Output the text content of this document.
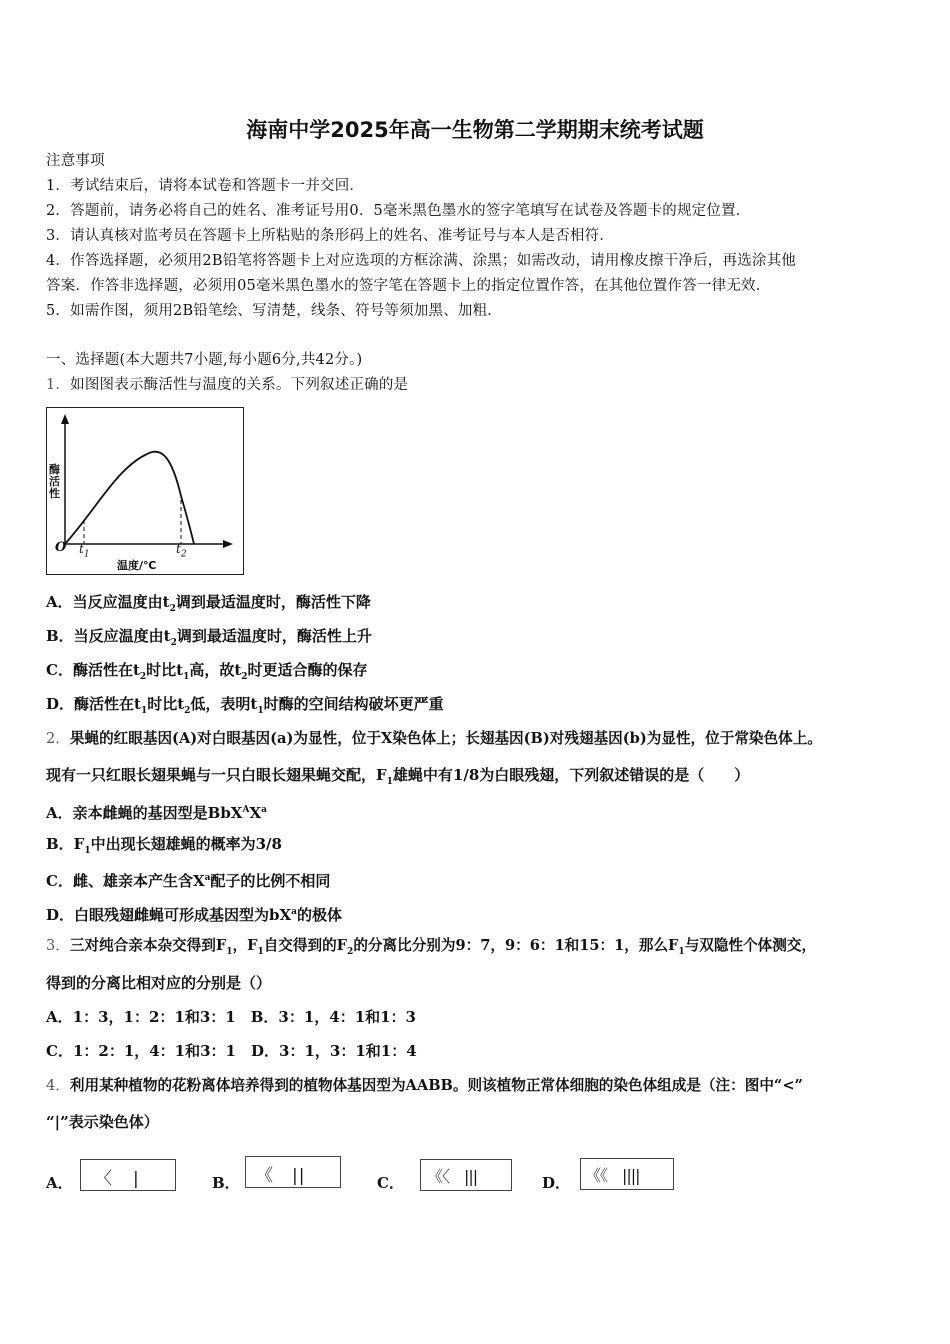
海南中学2025年高一生物第二学期期末统考试题
注意事项
1．考试结束后，请将本试卷和答题卡一并交回．
2．答题前，请务必将自己的姓名、准考证号用0．5毫米黑色墨水的签字笔填写在试卷及答题卡的规定位置．
3．请认真核对监考员在答题卡上所粘贴的条形码上的姓名、准考证号与本人是否相符．
4．作答选择题，必须用2B铅笔将答题卡上对应选项的方框涂满、涂黑；如需改动，请用橡皮擦干净后，再选涂其他
答案．作答非选择题，必须用05毫米黑色墨水的签字笔在答题卡上的指定位置作答，在其他位置作答一律无效．
5．如需作图，须用2B铅笔绘、写清楚，线条、符号等须加黑、加粗．
一、选择题(本大题共7小题,每小题6分,共42分。)
1．如图图表示酶活性与温度的关系。下列叙述正确的是
酶活性
O $t_1$	$t_2$
温度/℃
A．当反应温度由$t_2$调到最适温度时，酶活性下降
B．当反应温度由$t_2$调到最适温度时，酶活性上升
C．酶活性在$t_2$时比$t_1$高，故$t_2$时更适合酶的保存
D．酶活性在$t_1$时比$t_2$低，表明$t_1$时酶的空间结构破坏更严重
2．果蝇的红眼基因(A)对白眼基因(a)为显性，位于X染色体上；长翅基因(B)对残翅基因(b)为显性，位于常染色体上。
现有一只红眼长翅果蝇与一只白眼长翅果蝇交配，$F_1$雄蝇中有1/8为白眼残翅，下列叙述错误的是（　　）
A．亲本雌蝇的基因型是$BbX^AX^a$
B．$F_1$中出现长翅雄蝇的概率为3/8
C．雌、雄亲本产生含$X^a$配子的比例不相同
D．白眼残翅雌蝇可形成基因型为$bX^a$的极体
3．三对纯合亲本杂交得到$F_1$，$F_1$自交得到的$F_2$的分离比分别为9：7，9：6：1和15：1，那么$F_1$与双隐性个体测交，
得到的分离比相对应的分别是（）
A．1：3，1：2：1和3：1　B．3：1，4：1和1：3
C．1：2：1，4：1和3：1　D．3：1，3：1和1：4
4．利用某种植物的花粉离体培养得到的植物体基因型为AABB。则该植物正常体细胞的染色体组成是（注：图中“<”
“|”表示染色体）
A．	〈　|	B． 《　||	C．	《〈　|||	D． 《《　||||
